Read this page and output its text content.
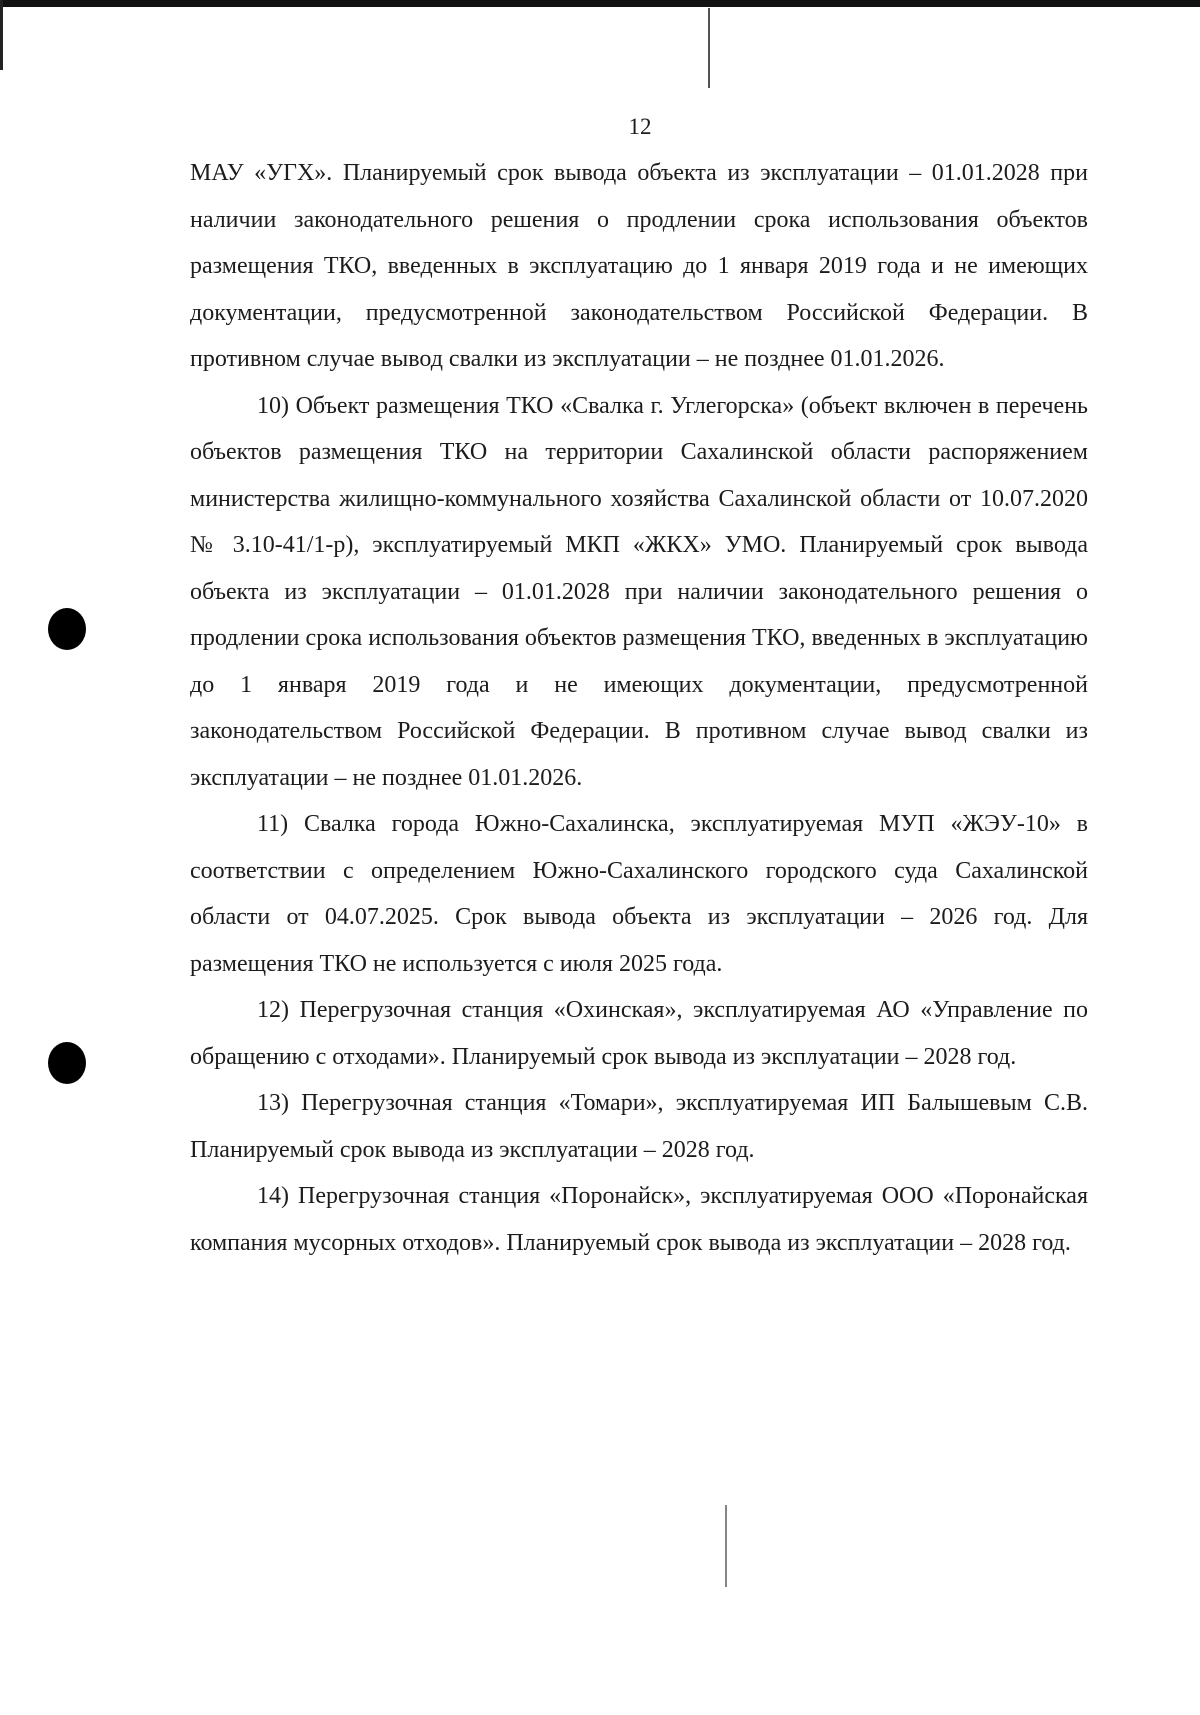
12

МАУ «УГХ». Планируемый срок вывода объекта из эксплуатации – 01.01.2028 при наличии законодательного решения о продлении срока использования объектов размещения ТКО, введенных в эксплуатацию до 1 января 2019 года и не имеющих документации, предусмотренной законодательством Российской Федерации. В противном случае вывод свалки из эксплуатации – не позднее 01.01.2026.

10) Объект размещения ТКО «Свалка г. Углегорска» (объект включен в перечень объектов размещения ТКО на территории Сахалинской области распоряжением министерства жилищно-коммунального хозяйства Сахалинской области от 10.07.2020 № 3.10-41/1-р), эксплуатируемый МКП «ЖКХ» УМО. Планируемый срок вывода объекта из эксплуатации – 01.01.2028 при наличии законодательного решения о продлении срока использования объектов размещения ТКО, введенных в эксплуатацию до 1 января 2019 года и не имеющих документации, предусмотренной законодательством Российской Федерации. В противном случае вывод свалки из эксплуатации – не позднее 01.01.2026.

11) Свалка города Южно-Сахалинска, эксплуатируемая МУП «ЖЭУ-10» в соответствии с определением Южно-Сахалинского городского суда Сахалинской области от 04.07.2025. Срок вывода объекта из эксплуатации – 2026 год. Для размещения ТКО не используется с июля 2025 года.

12) Перегрузочная станция «Охинская», эксплуатируемая АО «Управление по обращению с отходами». Планируемый срок вывода из эксплуатации – 2028 год.

13) Перегрузочная станция «Томари», эксплуатируемая ИП Балышевым С.В. Планируемый срок вывода из эксплуатации – 2028 год.

14) Перегрузочная станция «Поронайск», эксплуатируемая ООО «Поронайская компания мусорных отходов». Планируемый срок вывода из эксплуатации – 2028 год.
